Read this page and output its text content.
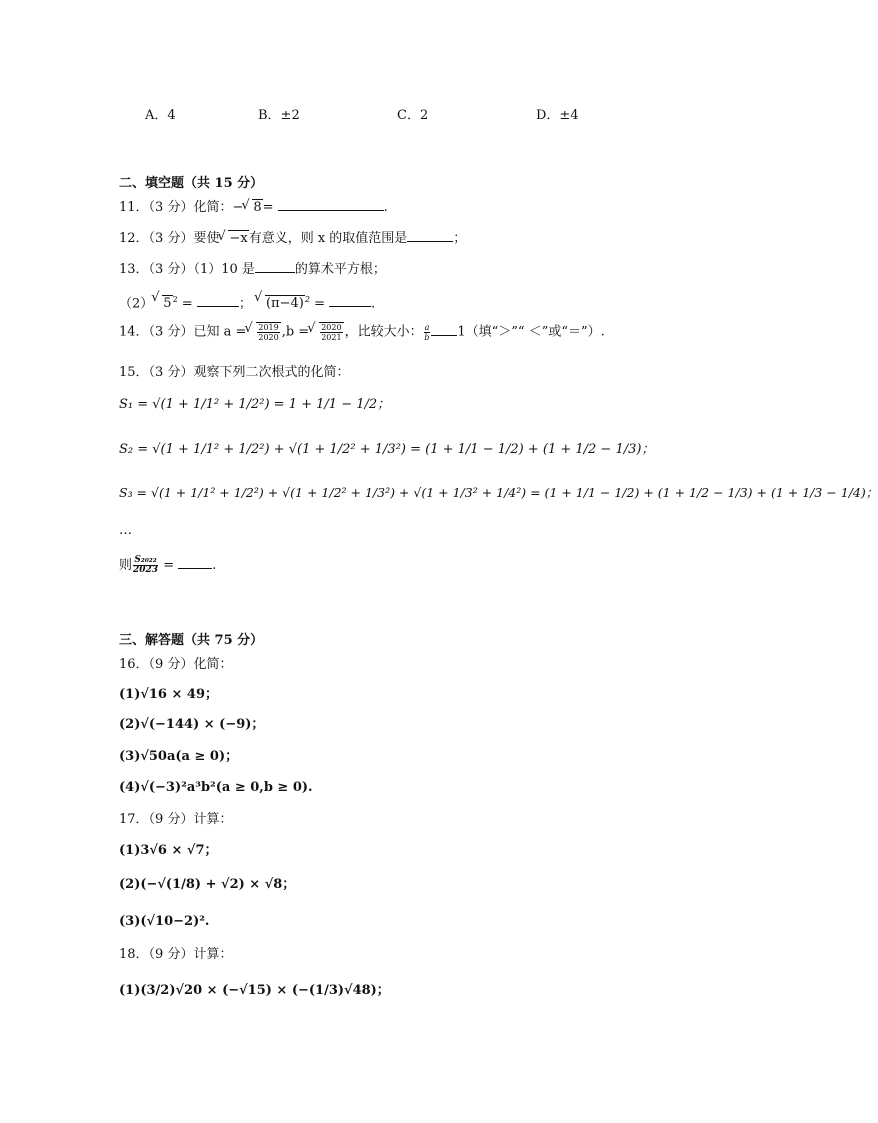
A．4	B．±2	C．2	D．±4
二、填空题（共 15 分）
11．（3 分）化简：− √ 8=	.
12．（3 分）要使 √ −x有意义，则 x 的取值范围是	；
13．（3 分）（1）10 是	的算术平方根；
（2） √ $5^2$ =	； √ $(\pi-4)^2$ =	.
14．（3 分）已知 a = √ $\frac{2019}{2020} ,b$ = √ $\frac{2020}{2021}$ ，比较大小： $\frac{a}{b} 1$（填“＞”“ ＜”或“＝”）.
15．（3 分）观察下列二次根式的化简：
S₁ = √(1 + 1/1² + 1/2²) = 1 + 1/1 − 1/2；
S₂ = √(1 + 1/1² + 1/2²) + √(1 + 1/2² + 1/3²) = (1 + 1/1 − 1/2) + (1 + 1/2 − 1/3)；
S₃ = √(1 + 1/1² + 1/2²) + √(1 + 1/2² + 1/3²) + √(1 + 1/3² + 1/4²) = (1 + 1/1 − 1/2) + (1 + 1/2 − 1/3) + (1 + 1/3 − 1/4)；
…
则 $\frac{\text{S₂₀₂₂}}{2023}$ =	.
三、解答题（共 75 分）
16．（9 分）化简：
(1)√16 × 49；
(2)√(−144) × (−9)；
(3)√50a(a ≥ 0)；
(4)√(−3)²a³b²(a ≥ 0,b ≥ 0).
17．（9 分）计算：
(1)3√6 × √7；
(2)(−√(1/8) + √2) × √8；
(3)(√10−2)².
18．（9 分）计算：
(1)(3/2)√20 × (−√15) × (−(1/3)√48)；
